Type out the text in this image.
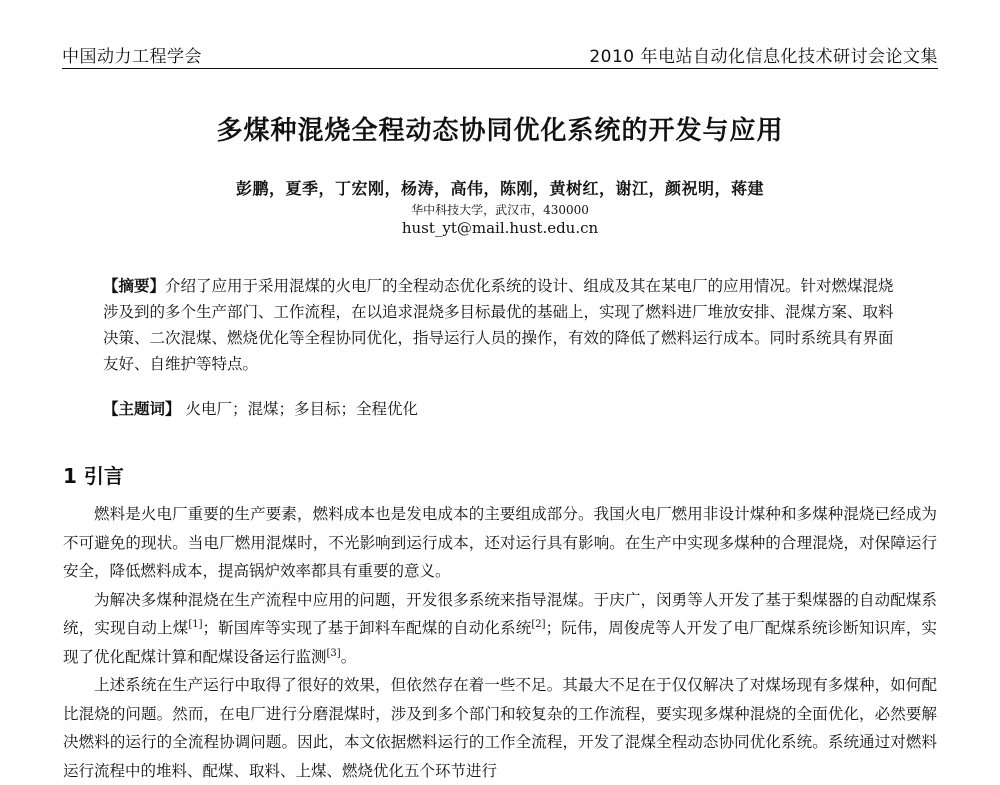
中国动力工程学会	2010 年电站自动化信息化技术研讨会论文集
多煤种混烧全程动态协同优化系统的开发与应用
彭鹏，夏季，丁宏刚，杨涛，高伟，陈刚，黄树红，谢江，颜祝明，蒋建
华中科技大学，武汉市，430000
hust_yt@mail.hust.edu.cn
【摘要】介绍了应用于采用混煤的火电厂的全程动态优化系统的设计、组成及其在某电厂的应用情况。针对燃煤混烧涉及到的多个生产部门、工作流程，在以追求混烧多目标最优的基础上，实现了燃料进厂堆放安排、混煤方案、取料决策、二次混煤、燃烧优化等全程协同优化，指导运行人员的操作，有效的降低了燃料运行成本。同时系统具有界面友好、自维护等特点。
【主题词】 火电厂；混煤；多目标；全程优化
1 引言

燃料是火电厂重要的生产要素，燃料成本也是发电成本的主要组成部分。我国火电厂燃用非设计煤种和多煤种混烧已经成为不可避免的现状。当电厂燃用混煤时，不光影响到运行成本，还对运行具有影响。在生产中实现多煤种的合理混烧，对保障运行安全，降低燃料成本，提高锅炉效率都具有重要的意义。

为解决多煤种混烧在生产流程中应用的问题，开发很多系统来指导混煤。于庆广，闵勇等人开发了基于梨煤器的自动配煤系统，实现自动上煤[1]；靳国库等实现了基于卸料车配煤的自动化系统[2]；阮伟，周俊虎等人开发了电厂配煤系统诊断知识库，实现了优化配煤计算和配煤设备运行监测[3]。

上述系统在生产运行中取得了很好的效果，但依然存在着一些不足。其最大不足在于仅仅解决了对煤场现有多煤种，如何配比混烧的问题。然而，在电厂进行分磨混煤时，涉及到多个部门和较复杂的工作流程，要实现多煤种混烧的全面优化，必然要解决燃料的运行的全流程协调问题。因此，本文依据燃料运行的工作全流程，开发了混煤全程动态协同优化系统。系统通过对燃料运行流程中的堆料、配煤、取料、上煤、燃烧优化五个环节进行
